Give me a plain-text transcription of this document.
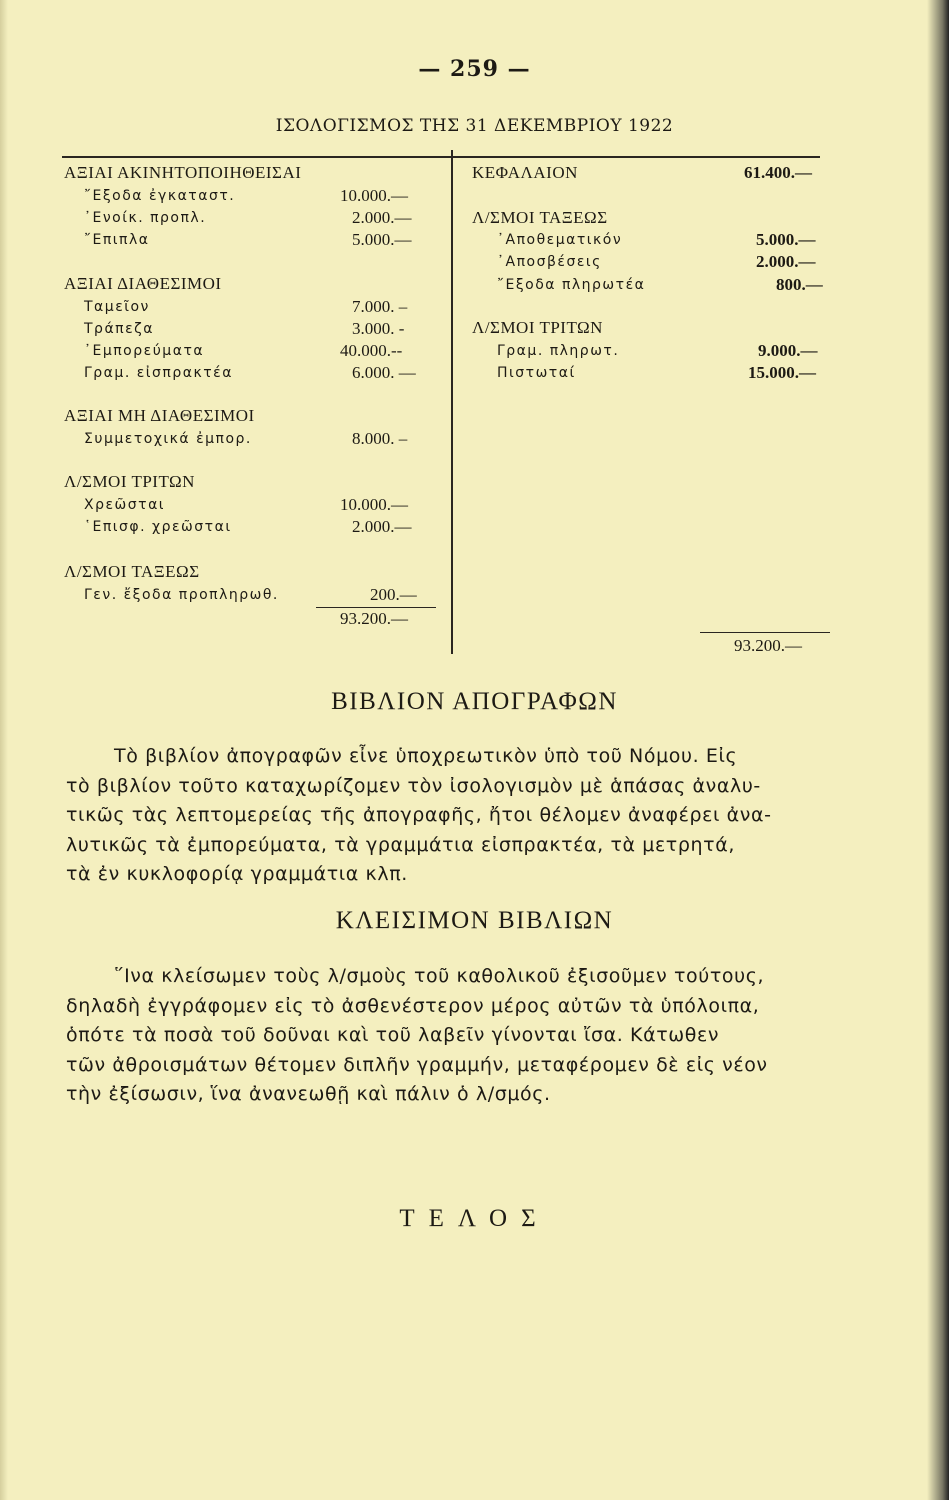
— 259 —
ΙΣΟΛΟΓΙΣΜΟΣ ΤΗΣ 31 ΔΕΚΕΜΒΡΙΟΥ 1922
ΑΞΙΑΙ ΑΚΙΝΗΤΟΠΟΙΗΘΕΙΣΑΙ
῎Εξοδα ἐγκαταστ.	10.000.—
᾿Ενοίκ. προπλ.	2.000.—
῎Επιπλα	5.000.—
ΑΞΙΑΙ ΔΙΑΘΕΣΙΜΟΙ
Ταμεῖον	7.000. –
Τράπεζα	3.000. -
᾿Εμπορεύματα	40.000.--
Γραμ. εἰσπρακτέα	6.000. —
ΑΞΙΑΙ ΜΗ ΔΙΑΘΕΣΙΜΟΙ
Συμμετοχικά ἐμπορ.	8.000. –
Λ/ΣΜΟΙ ΤΡΙΤΩΝ
Χρεῶσται	10.000.—
῾Επισφ. χρεῶσται	2.000.—
Λ/ΣΜΟΙ ΤΑΞΕΩΣ
Γεν. ἔξοδα προπληρωθ.	200.—
93.200.—
ΚΕΦΑΛΑΙΟΝ	61.400.—
Λ/ΣΜΟΙ ΤΑΞΕΩΣ
᾿Αποθεματικόν	5.000.—
᾿Αποσβέσεις	2.000.—
῎Εξοδα πληρωτέα	800.—
Λ/ΣΜΟΙ ΤΡΙΤΩΝ
Γραμ. πληρωτ.	9.000.—
Πιστωταί	15.000.—
93.200.—
ΒΙΒΛΙΟΝ ΑΠΟΓΡΑΦΩΝ
Τὸ βιβλίον ἀπογραφῶν εἶνε ὑποχρεωτικὸν ὑπὸ τοῦ Νόμου. Εἰς
τὸ βιβλίον τοῦτο καταχωρίζομεν τὸν ἰσολογισμὸν μὲ ἁπάσας ἀναλυ-
τικῶς τὰς λεπτομερείας τῆς ἀπογραφῆς, ἤτοι θέλομεν ἀναφέρει ἀνα-
λυτικῶς τὰ ἐμπορεύματα, τὰ γραμμάτια εἰσπρακτέα, τὰ μετρητά,
τὰ ἐν κυκλοφορίᾳ γραμμάτια κλπ.
ΚΛΕΙΣΙΜΟΝ ΒΙΒΛΙΩΝ
῞Ινα κλείσωμεν τοὺς λ/σμοὺς τοῦ καθολικοῦ ἐξισοῦμεν τούτους,
δηλαδὴ ἐγγράφομεν εἰς τὸ ἀσθενέστερον μέρος αὐτῶν τὰ ὑπόλοιπα,
ὁπότε τὰ ποσὰ τοῦ δοῦναι καὶ τοῦ λαβεῖν γίνονται ἴσα. Κάτωθεν
τῶν ἀθροισμάτων θέτομεν διπλῆν γραμμήν, μεταφέρομεν δὲ εἰς νέον
τὴν ἐξίσωσιν, ἵνα ἀνανεωθῇ καὶ πάλιν ὁ λ/σμός.
ΤΕΛΟΣ
